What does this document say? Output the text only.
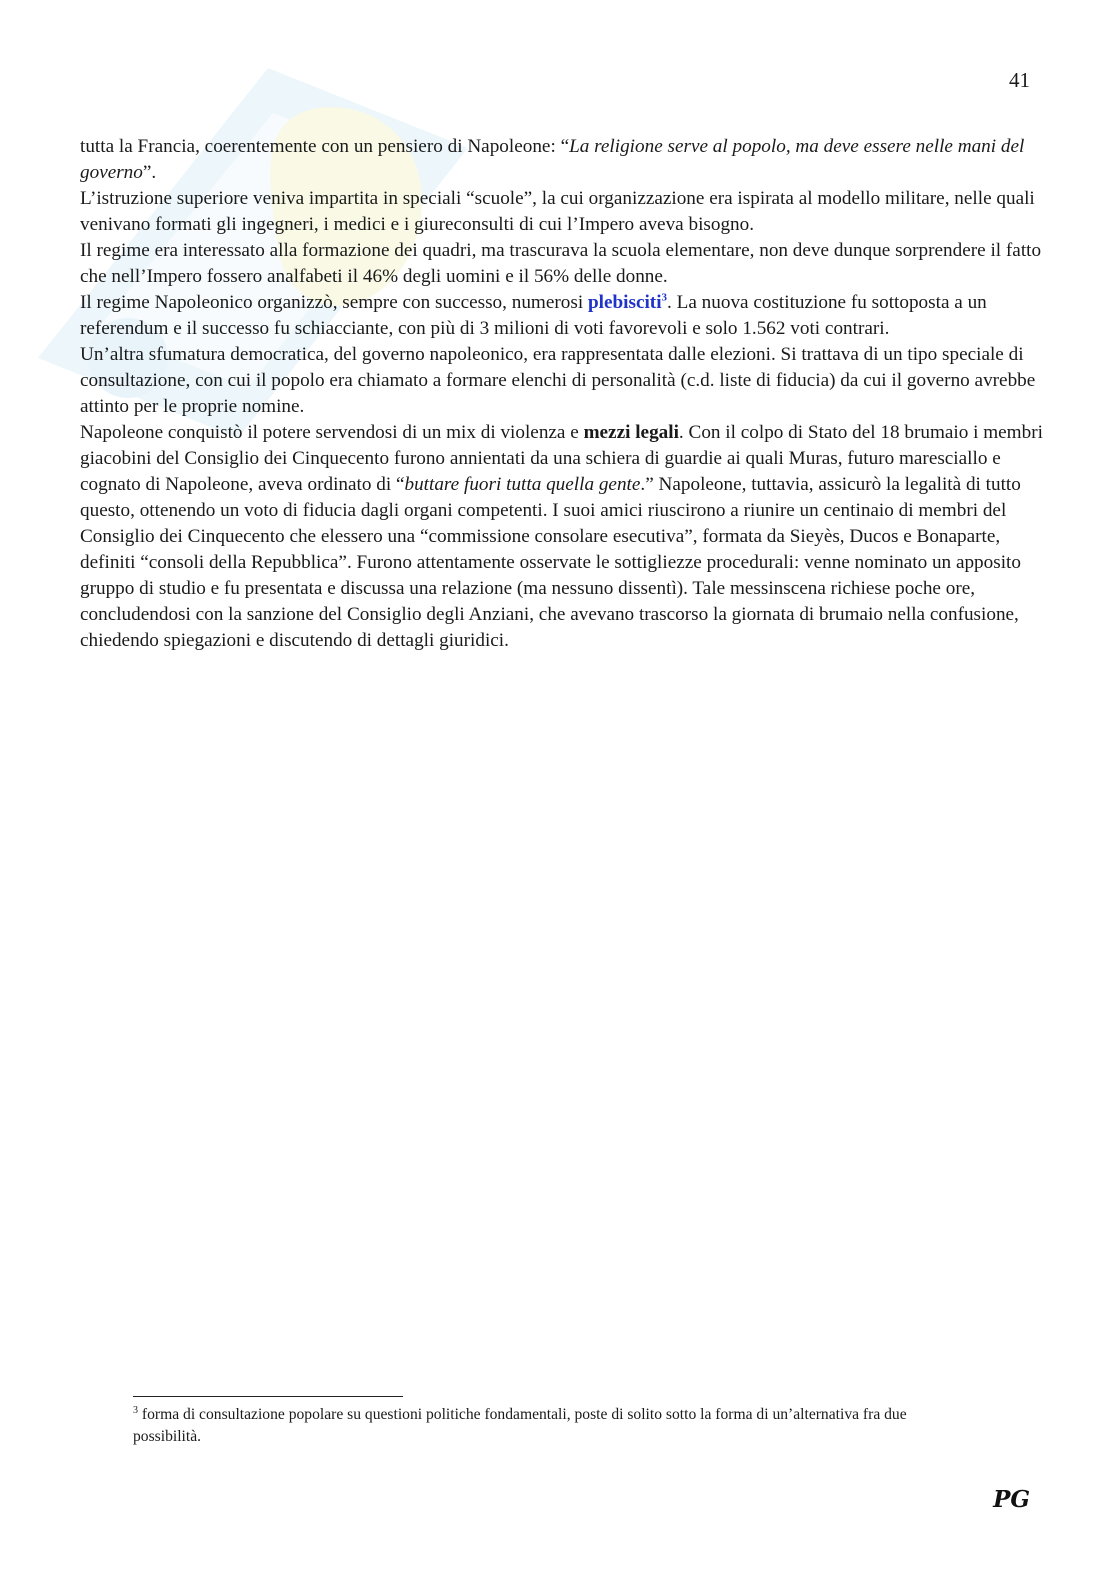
41

tutta la Francia, coerentemente con un pensiero di Napoleone: “La religione serve al popolo, ma deve essere nelle mani del governo”.

L’istruzione superiore veniva impartita in speciali “scuole”, la cui organizzazione era ispirata al modello militare, nelle quali venivano formati gli ingegneri, i medici e i giureconsulti di cui l’Impero aveva bisogno.

Il regime era interessato alla formazione dei quadri, ma trascurava la scuola elementare, non deve dunque sorprendere il fatto che nell’Impero fossero analfabeti il 46% degli uomini e il 56% delle donne.

Il regime Napoleonico organizzò, sempre con successo, numerosi plebisciti$^3$. La nuova costituzione fu sottoposta a un referendum e il successo fu schiacciante, con più di 3 milioni di voti favorevoli e solo 1.562 voti contrari.

Un’altra sfumatura democratica, del governo napoleonico, era rappresentata dalle elezioni. Si trattava di un tipo speciale di consultazione, con cui il popolo era chiamato a formare elenchi di personalità (c.d. liste di fiducia) da cui il governo avrebbe attinto per le proprie nomine.

Napoleone conquistò il potere servendosi di un mix di violenza e mezzi legali. Con il colpo di Stato del 18 brumaio i membri giacobini del Consiglio dei Cinquecento furono annientati da una schiera di guardie ai quali Muras, futuro maresciallo e cognato di Napoleone, aveva ordinato di “buttare fuori tutta quella gente.” Napoleone, tuttavia, assicurò la legalità di tutto questo, ottenendo un voto di fiducia dagli organi competenti. I suoi amici riuscirono a riunire un centinaio di membri del Consiglio dei Cinquecento che elessero una “commissione consolare esecutiva”, formata da Sieyès, Ducos e Bonaparte, definiti “consoli della Repubblica”. Furono attentamente osservate le sottigliezze procedurali: venne nominato un apposito gruppo di studio e fu presentata e discussa una relazione (ma nessuno dissentì). Tale messinscena richiese poche ore, concludendosi con la sanzione del Consiglio degli Anziani, che avevano trascorso la giornata di brumaio nella confusione, chiedendo spiegazioni e discutendo di dettagli giuridici.

$^3$ forma di consultazione popolare su questioni politiche fondamentali, poste di solito sotto la forma di un’alternativa fra due possibilità.
PG
